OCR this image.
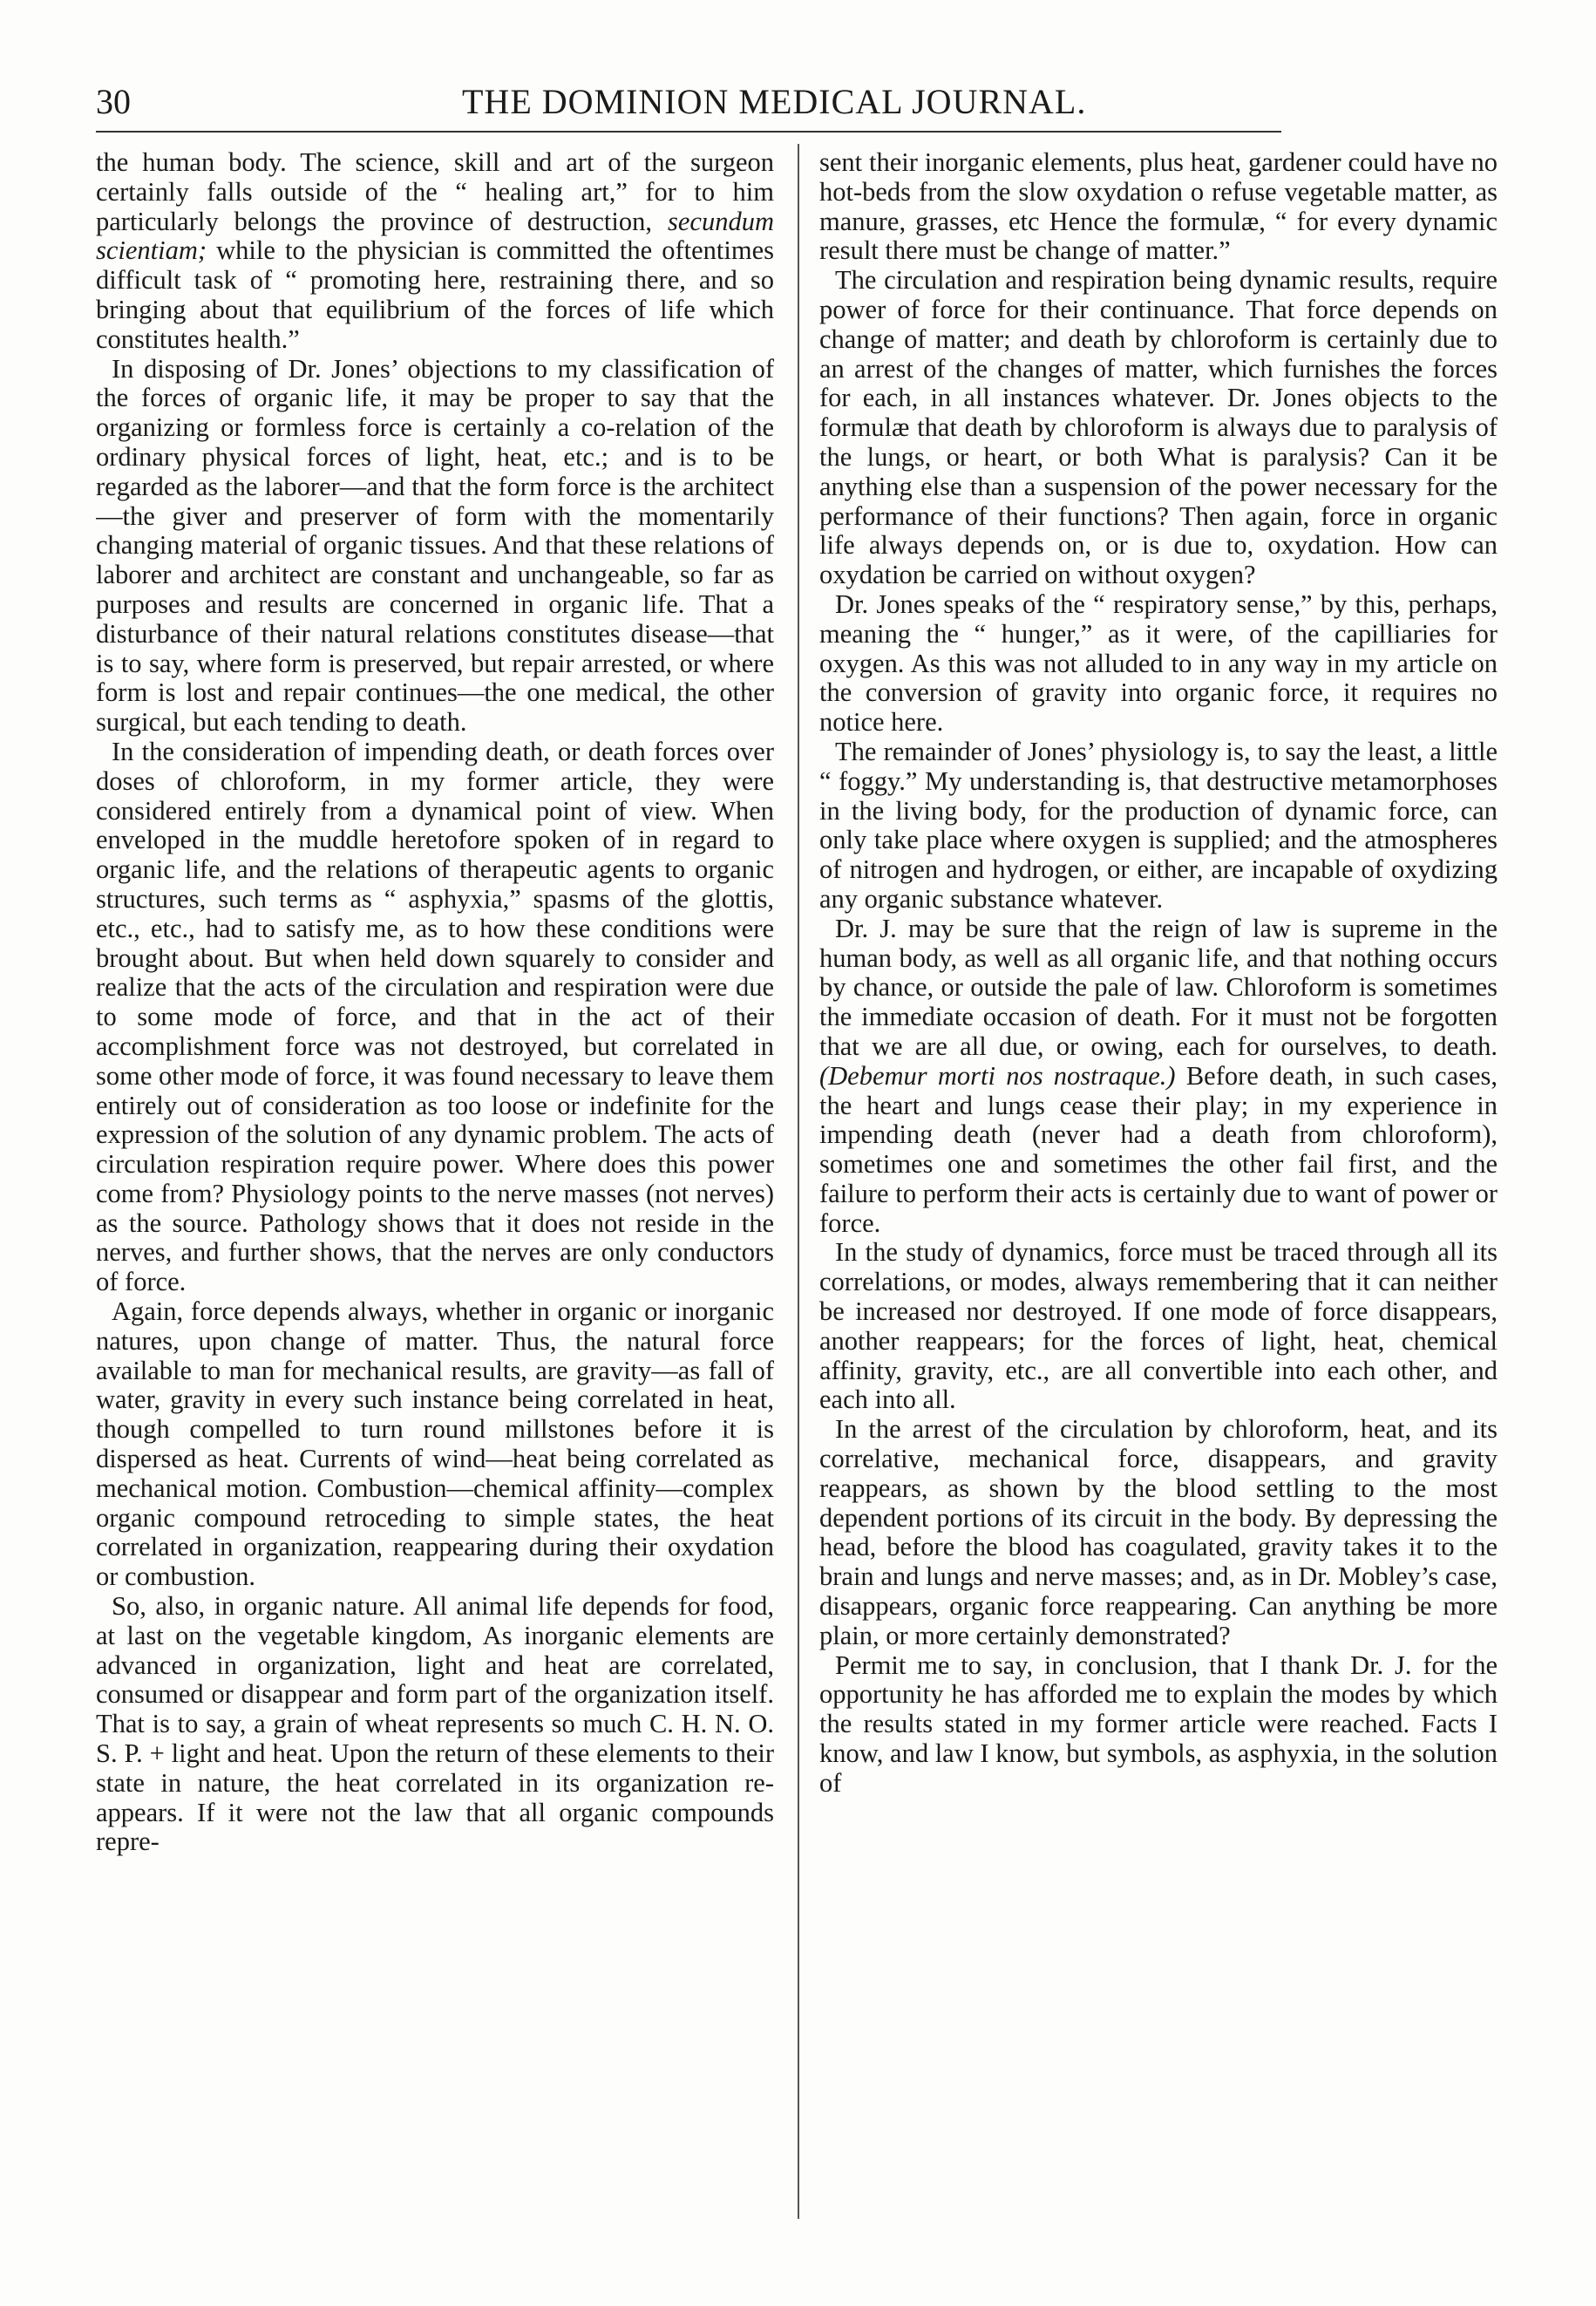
30	THE DOMINION MEDICAL JOURNAL.

the human body. The science, skill and art of the surgeon certainly falls outside of the “ healing art,” for to him particularly belongs the province of destruction, secundum scientiam; while to the physician is committed the oftentimes difficult task of “ promoting here, restraining there, and so bringing about that equilibrium of the forces of life which constitutes health.”

In disposing of Dr. Jones’ objections to my classification of the forces of organic life, it may be proper to say that the organizing or formless force is certainly a co-relation of the ordinary physical forces of light, heat, etc.; and is to be regarded as the laborer—and that the form force is the architect—the giver and preserver of form with the momentarily changing material of organic tissues. And that these relations of laborer and architect are constant and unchangeable, so far as purposes and results are concerned in organic life. That a disturbance of their natural relations constitutes disease—that is to say, where form is preserved, but repair arrested, or where form is lost and repair continues—the one medical, the other surgical, but each tending to death.

In the consideration of impending death, or death forces over doses of chloroform, in my former article, they were considered entirely from a dynamical point of view. When enveloped in the muddle heretofore spoken of in regard to organic life, and the relations of therapeutic agents to organic structures, such terms as “ asphyxia,” spasms of the glottis, etc., etc., had to satisfy me, as to how these conditions were brought about. But when held down squarely to consider and realize that the acts of the circulation and respiration were due to some mode of force, and that in the act of their accomplishment force was not destroyed, but correlated in some other mode of force, it was found necessary to leave them entirely out of consideration as too loose or indefinite for the expression of the solution of any dynamic problem. The acts of circulation respiration require power. Where does this power come from? Physiology points to the nerve masses (not nerves) as the source. Pathology shows that it does not reside in the nerves, and further shows, that the nerves are only conductors of force.

Again, force depends always, whether in organic or inorganic natures, upon change of matter. Thus, the natural force available to man for mechanical results, are gravity—as fall of water, gravity in every such instance being correlated in heat, though compelled to turn round millstones before it is dispersed as heat. Currents of wind—heat being correlated as mechanical motion. Combustion—chemical affinity—complex organic compound retroceding to simple states, the heat correlated in organization, reappearing during their oxydation or combustion.

So, also, in organic nature. All animal life depends for food, at last on the vegetable kingdom, As inorganic elements are advanced in organization, light and heat are correlated, consumed or disappear and form part of the organization itself. That is to say, a grain of wheat represents so much C. H. N. O. S. P. + light and heat. Upon the return of these elements to their state in nature, the heat correlated in its organization re-appears. If it were not the law that all organic compounds repre-

sent their inorganic elements, plus heat, gardener could have no hot-beds from the slow oxydation o refuse vegetable matter, as manure, grasses, etc Hence the formulæ, “ for every dynamic result there must be change of matter.”

The circulation and respiration being dynamic results, require power of force for their continuance. That force depends on change of matter; and death by chloroform is certainly due to an arrest of the changes of matter, which furnishes the forces for each, in all instances whatever. Dr. Jones objects to the formulæ that death by chloroform is always due to paralysis of the lungs, or heart, or both What is paralysis? Can it be anything else than a suspension of the power necessary for the performance of their functions? Then again, force in organic life always depends on, or is due to, oxydation. How can oxydation be carried on without oxygen?

Dr. Jones speaks of the “ respiratory sense,” by this, perhaps, meaning the “ hunger,” as it were, of the capilliaries for oxygen. As this was not alluded to in any way in my article on the conversion of gravity into organic force, it requires no notice here.

The remainder of Jones’ physiology is, to say the least, a little “ foggy.” My understanding is, that destructive metamorphoses in the living body, for the production of dynamic force, can only take place where oxygen is supplied; and the atmospheres of nitrogen and hydrogen, or either, are incapable of oxydizing any organic substance whatever.

Dr. J. may be sure that the reign of law is supreme in the human body, as well as all organic life, and that nothing occurs by chance, or outside the pale of law. Chloroform is sometimes the immediate occasion of death. For it must not be forgotten that we are all due, or owing, each for ourselves, to death. (Debemur morti nos nostraque.) Before death, in such cases, the heart and lungs cease their play; in my experience in impending death (never had a death from chloroform), sometimes one and sometimes the other fail first, and the failure to perform their acts is certainly due to want of power or force.

In the study of dynamics, force must be traced through all its correlations, or modes, always remembering that it can neither be increased nor destroyed. If one mode of force disappears, another reappears; for the forces of light, heat, chemical affinity, gravity, etc., are all convertible into each other, and each into all.

In the arrest of the circulation by chloroform, heat, and its correlative, mechanical force, disappears, and gravity reappears, as shown by the blood settling to the most dependent portions of its circuit in the body. By depressing the head, before the blood has coagulated, gravity takes it to the brain and lungs and nerve masses; and, as in Dr. Mobley’s case, disappears, organic force reappearing. Can anything be more plain, or more certainly demonstrated?

Permit me to say, in conclusion, that I thank Dr. J. for the opportunity he has afforded me to explain the modes by which the results stated in my former article were reached. Facts I know, and law I know, but symbols, as asphyxia, in the solution of
